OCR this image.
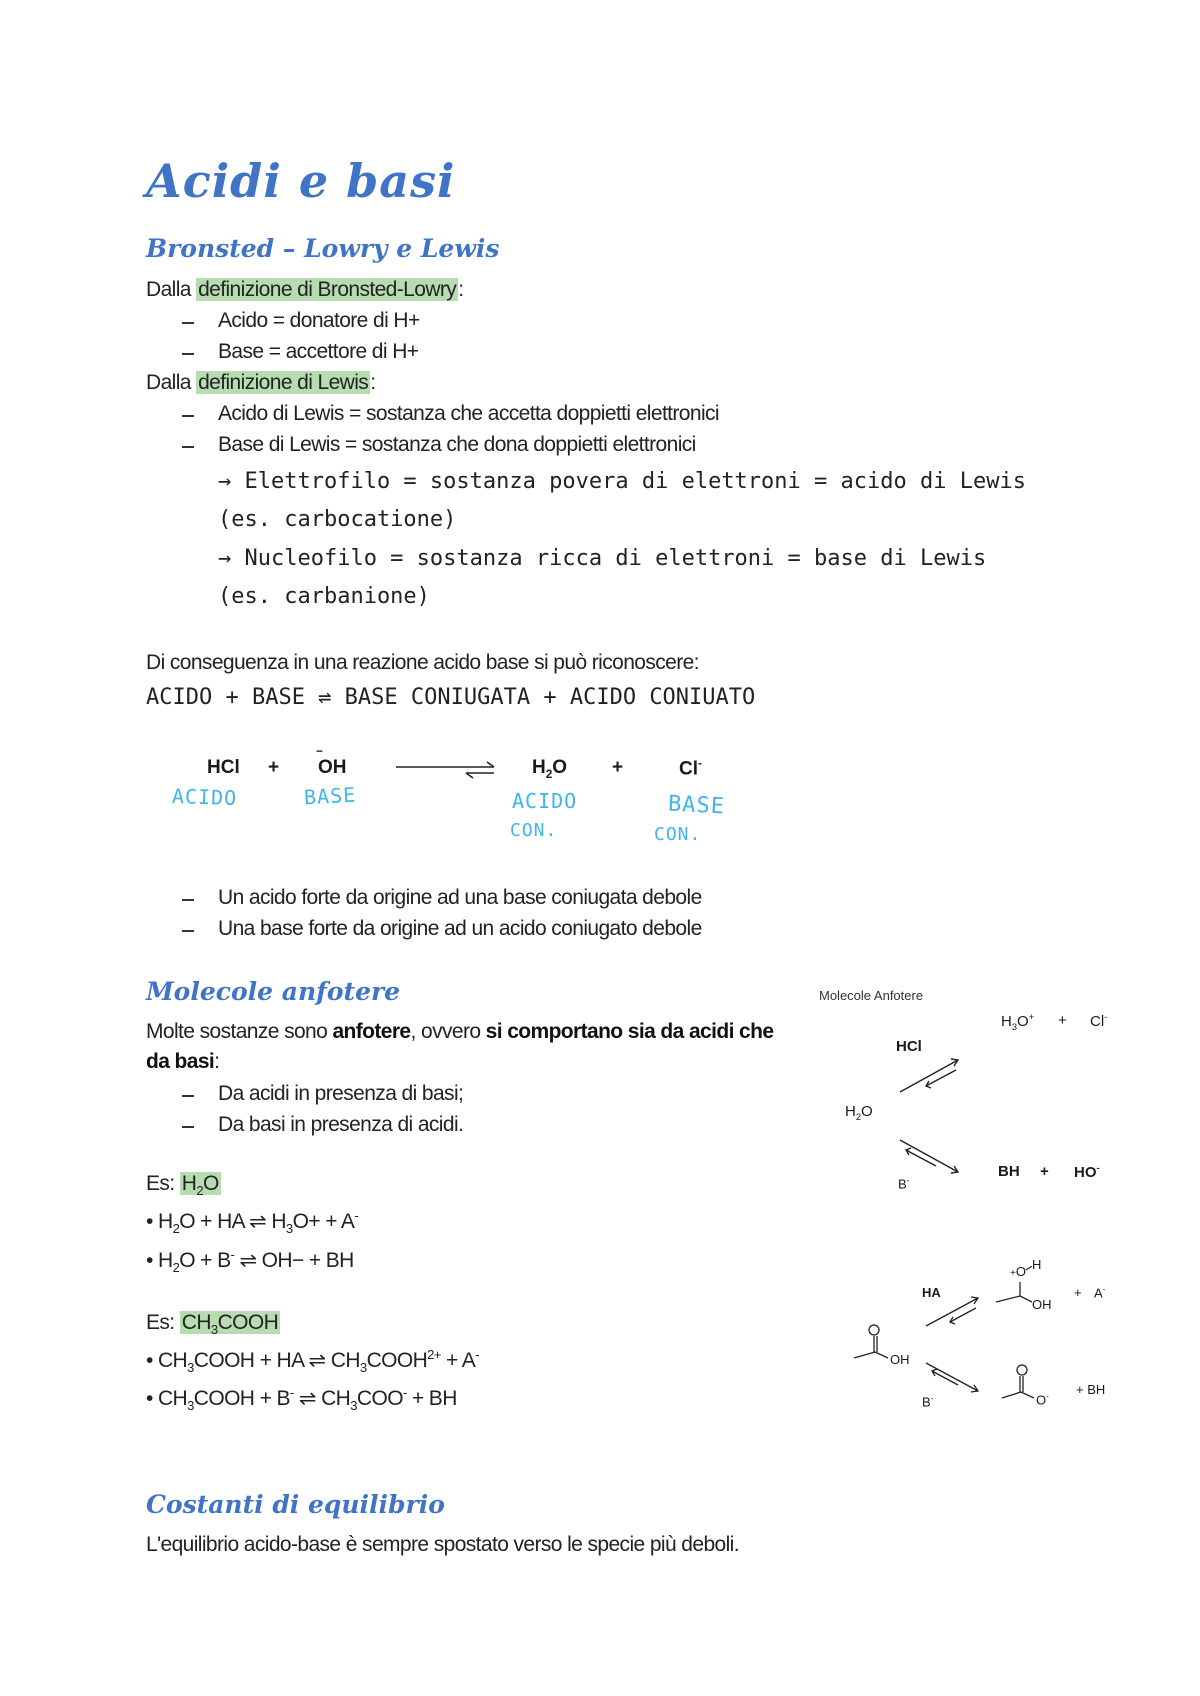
Acidi e basi
Bronsted – Lowry e Lewis
Dalla definizione di Bronsted-Lowry:
Acido = donatore di H+
Base = accettore di H+
Dalla definizione di Lewis:
Acido di Lewis = sostanza che accetta doppietti elettronici
Base di Lewis = sostanza che dona doppietti elettronici
→ Elettrofilo = sostanza povera di elettroni = acido di Lewis
(es. carbocatione)
→ Nucleofilo = sostanza ricca di elettroni = base di Lewis
(es. carbanione)
Di conseguenza in una reazione acido base si può riconoscere:
ACIDO + BASE ⇌ BASE CONIUGATA + ACIDO CONIUATO
HCl +
−
OH	$H_2O$ +	Cl-
ACIDO	BASE	ACIDO
CON.
BASE
CON.
Un acido forte da origine ad una base coniugata debole
Una base forte da origine ad un acido coniugato debole
Molecole anfotere
Molte sostanze sono anfotere, ovvero si comportano sia da acidi che
da basi:
Da acidi in presenza di basi;
Da basi in presenza di acidi.
Es: $H_2O$
• $H_2O$ + HA ⇌ $H_3O+ + A^-$
• $H_2O + B^-$ ⇌ OH− + BH
Es: $CH_3COOH$
• $CH_3COOH$ + HA ⇌ $CH_3COOH^{2+} + A^-$
• $CH_3COOH + B^-$ ⇌ $CH_3COO^-$ + BH
Molecole Anfotere
$H_3O^+ + Cl^-$
HCl
$H_2O$
B-
BH + HO-
HA
OH
B-
+O H
OH
+ A-
O- + BH
Costanti di equilibrio
L'equilibrio acido-base è sempre spostato verso le specie più deboli.
